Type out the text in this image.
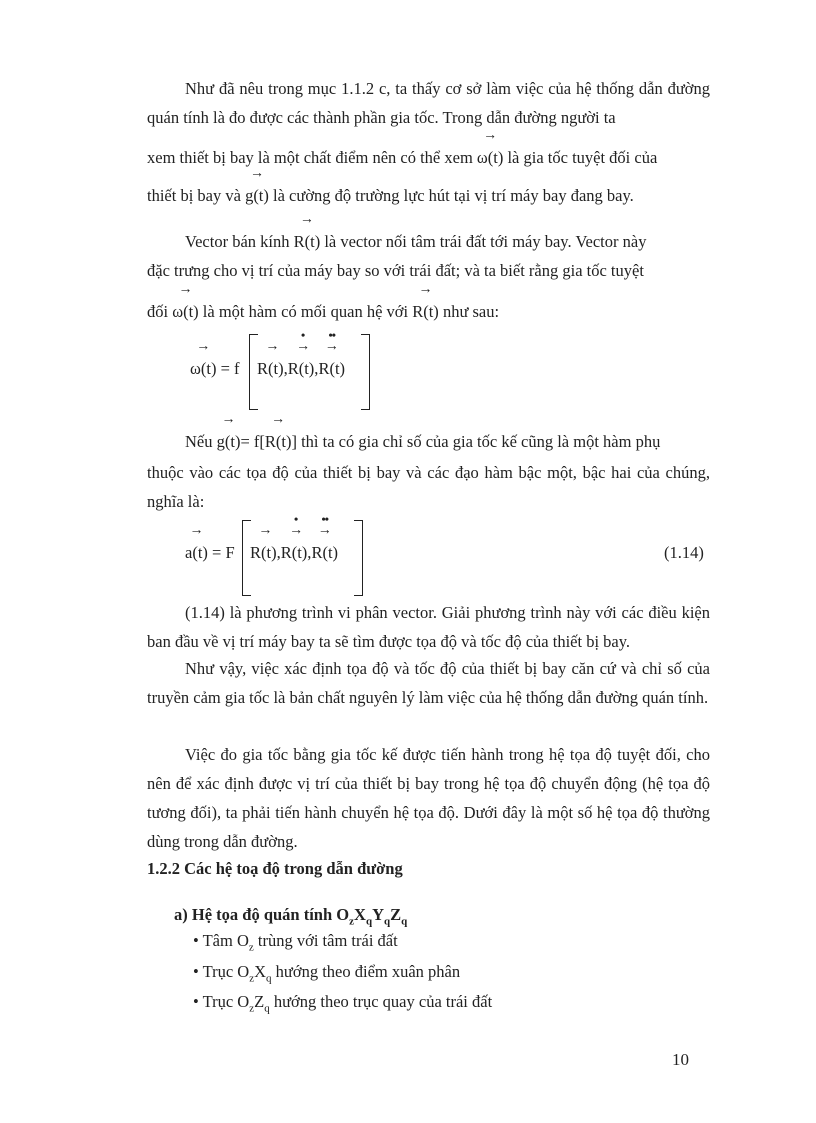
Như đã nêu trong mục 1.1.2 c, ta thấy cơ sở làm việc của hệ thống dẫn đường quán tính là đo được các thành phần gia tốc. Trong dẫn đường người ta

xem thiết bị bay là một chất điểm nên có thể xem
→
ω(t) là gia tốc tuyệt đối của

thiết bị bay và
→
g(t) là cường độ trường lực hút tại vị trí máy bay đang bay.

Vector bán kính
→
R(t) là vector nối tâm trái đất tới máy bay. Vector này

đặc trưng cho vị trí của máy bay so với trái đất; và ta biết rằng gia tốc tuyệt

đối
→
ω(t) là một hàm có mối quan hệ với
→
R(t) như sau:

→
ω(t) = f
→
R(t),
•
→
R(t),
••
→
R(t)

Nếu
→
g(t)= f[
→
R(t)] thì ta có gia chỉ số của gia tốc kế cũng là một hàm phụ

thuộc vào các tọa độ của thiết bị bay và các đạo hàm bậc một, bậc hai của chúng, nghĩa là:

→
a(t) = F
→
R(t),
•
→
R(t),
••
→
R(t)	(1.14)

(1.14) là phương trình vi phân vector. Giải phương trình này với các điều kiện ban đầu về vị trí máy bay ta sẽ tìm được tọa độ và tốc độ của thiết bị bay.

Như vậy, việc xác định tọa độ và tốc độ của thiết bị bay căn cứ và chỉ số của truyền cảm gia tốc là bản chất nguyên lý làm việc của hệ thống dẫn đường quán tính.

Việc đo gia tốc bằng gia tốc kế được tiến hành trong hệ tọa độ tuyệt đối, cho nên để xác định được vị trí của thiết bị bay trong hệ tọa độ chuyển động (hệ tọa độ tương đối), ta phải tiến hành chuyển hệ tọa độ. Dưới đây là một số hệ tọa độ thường dùng trong dẫn đường.

1.2.2 Các hệ toạ độ trong dẫn đường

a) Hệ tọa độ quán tính $O_zX_qY_qZ_q$

• Tâm $O_z$ trùng với tâm trái đất

• Trục $O_zX_q$ hướng theo điểm xuân phân

• Trục $O_zZ_q$ hướng theo trục quay của trái đất

10
